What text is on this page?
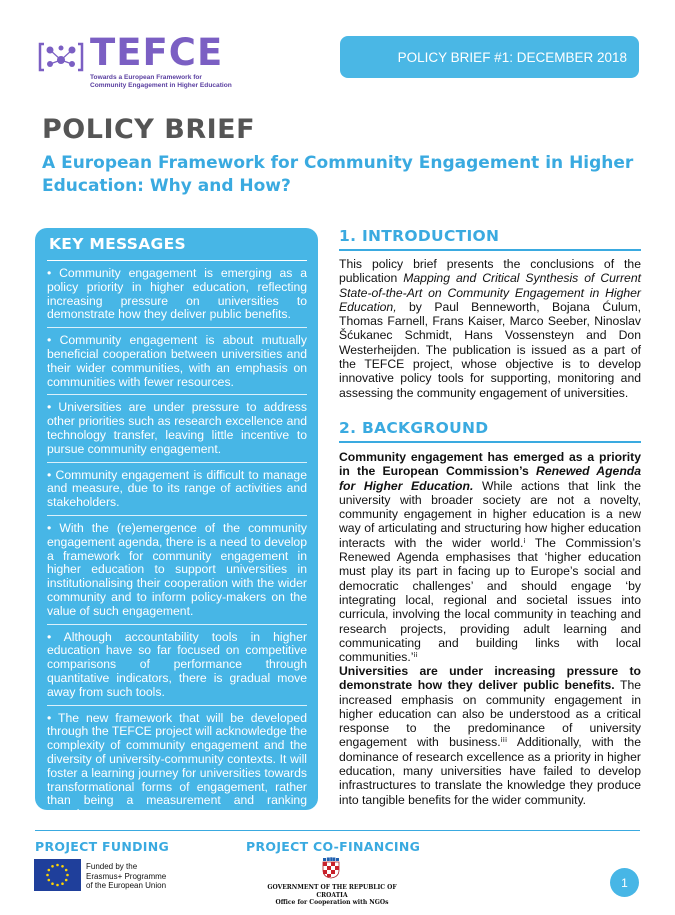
TEFCE
Towards a European Framework for
Community Engagement in Higher Education
POLICY BRIEF #1: DECEMBER 2018
POLICY BRIEF
A European Framework for Community Engagement in Higher
Education: Why and How?
KEY MESSAGES
• Community engagement is emerging as a policy priority in higher education, reflecting increasing pressure on universities to demonstrate how they deliver public benefits.
• Community engagement is about mutually beneficial cooperation between universities and their wider communities, with an emphasis on communities with fewer resources.
• Universities are under pressure to address other priorities such as research excellence and technology transfer, leaving little incentive to pursue community engagement.
• Community engagement is difficult to manage and measure, due to its range of activities and stakeholders.
• With the (re)emergence of the community engagement agenda, there is a need to develop a framework for community engagement in higher education to support universities in institutionalising their cooperation with the wider community and to inform policy-makers on the value of such engagement.
• Although accountability tools in higher education have so far focused on competitive comparisons of performance through quantitative indicators, there is gradual move away from such tools.
• The new framework that will be developed through the TEFCE project will acknowledge the complexity of community engagement and the diversity of university-community contexts. It will foster a learning journey for universities towards transformational forms of engagement, rather than being a measurement and ranking exercise.
1. INTRODUCTION
This policy brief presents the conclusions of the publication Mapping and Critical Synthesis of Current State-of-the-Art on Community Engagement in Higher Education, by Paul Benneworth, Bojana Ćulum, Thomas Farnell, Frans Kaiser, Marco Seeber, Ninoslav Šćukanec Schmidt, Hans Vossensteyn and Don Westerheijden. The publication is issued as a part of the TEFCE project, whose objective is to develop innovative policy tools for supporting, monitoring and assessing the community engagement of universities.
2. BACKGROUND
Community engagement has emerged as a priority in the European Commission’s Renewed Agenda for Higher Education. While actions that link the university with broader society are not a novelty, community engagement in higher education is a new way of articulating and structuring how higher education interacts with the wider world.ⁱ The Commission’s Renewed Agenda emphasises that ‘higher education must play its part in facing up to Europe’s social and democratic challenges’ and should engage ‘by integrating local, regional and societal issues into curricula, involving the local community in teaching and research projects, providing adult learning and communicating and building links with local communities.’ⁱⁱ
Universities are under increasing pressure to demonstrate how they deliver public benefits. The increased emphasis on community engagement in higher education can also be understood as a critical response to the predominance of university engagement with business.ⁱⁱⁱ Additionally, with the dominance of research excellence as a priority in higher education, many universities have failed to develop infrastructures to translate the knowledge they produce into tangible benefits for the wider community.
PROJECT FUNDING	PROJECT CO-FINANCING
Funded by the
Erasmus+ Programme
of the European Union	GOVERNMENT OF THE REPUBLIC OF CROATIA
Office for Cooperation with NGOs
1
